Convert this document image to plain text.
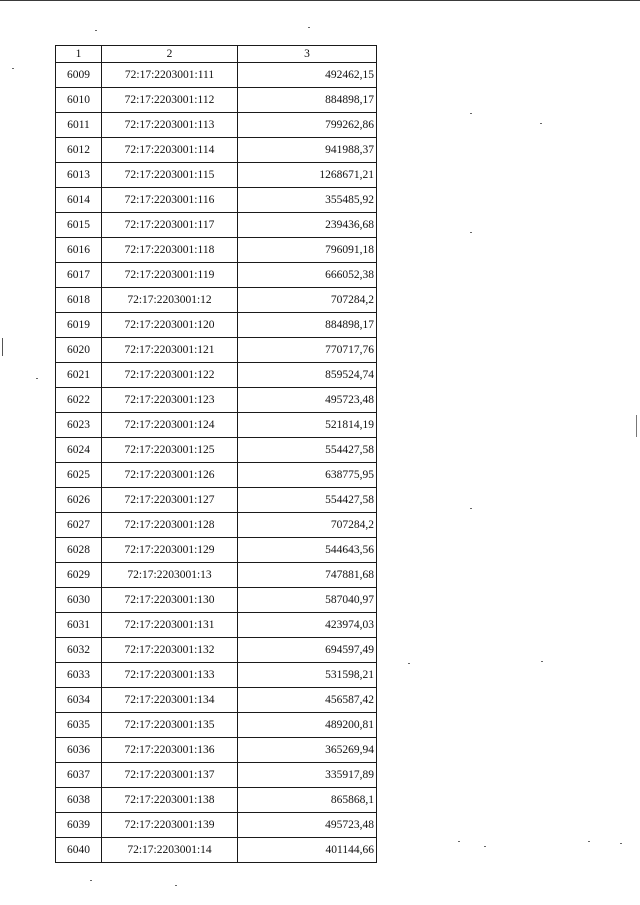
1	2	3
6009	72:17:2203001:111	492462,15
6010	72:17:2203001:112	884898,17
6011	72:17:2203001:113	799262,86
6012	72:17:2203001:114	941988,37
6013	72:17:2203001:115	1268671,21
6014	72:17:2203001:116	355485,92
6015	72:17:2203001:117	239436,68
6016	72:17:2203001:118	796091,18
6017	72:17:2203001:119	666052,38
6018	72:17:2203001:12	707284,2
6019	72:17:2203001:120	884898,17
6020	72:17:2203001:121	770717,76
6021	72:17:2203001:122	859524,74
6022	72:17:2203001:123	495723,48
6023	72:17:2203001:124	521814,19
6024	72:17:2203001:125	554427,58
6025	72:17:2203001:126	638775,95
6026	72:17:2203001:127	554427,58
6027	72:17:2203001:128	707284,2
6028	72:17:2203001:129	544643,56
6029	72:17:2203001:13	747881,68
6030	72:17:2203001:130	587040,97
6031	72:17:2203001:131	423974,03
6032	72:17:2203001:132	694597,49
6033	72:17:2203001:133	531598,21
6034	72:17:2203001:134	456587,42
6035	72:17:2203001:135	489200,81
6036	72:17:2203001:136	365269,94
6037	72:17:2203001:137	335917,89
6038	72:17:2203001:138	865868,1
6039	72:17:2203001:139	495723,48
6040	72:17:2203001:14	401144,66
